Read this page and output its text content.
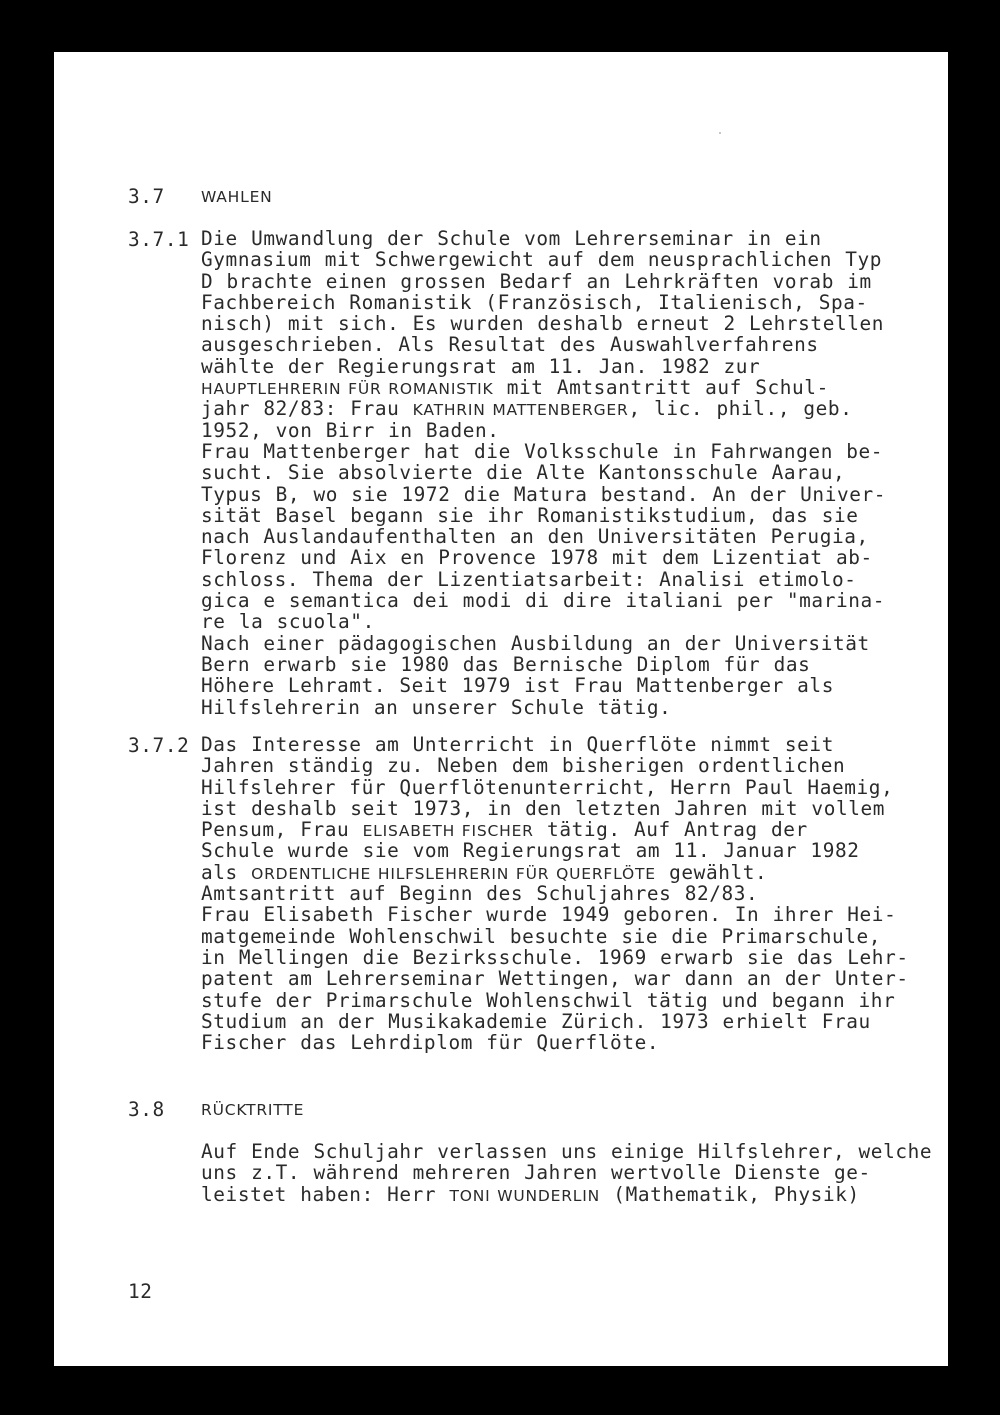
3.7 WAHLEN
3.7.1 Die Umwandlung der Schule vom Lehrerseminar in ein
Gymnasium mit Schwergewicht auf dem neusprachlichen Typ
D brachte einen grossen Bedarf an Lehrkräften vorab im
Fachbereich Romanistik (Französisch, Italienisch, Spa-
nisch) mit sich. Es wurden deshalb erneut 2 Lehrstellen
ausgeschrieben. Als Resultat des Auswahlverfahrens
wählte der Regierungsrat am 11. Jan. 1982 zur
HAUPTLEHRERIN FÜR ROMANISTIK mit Amtsantritt auf Schul-
jahr 82/83: Frau KATHRIN MATTENBERGER, lic. phil., geb.
1952, von Birr in Baden.
Frau Mattenberger hat die Volksschule in Fahrwangen be-
sucht. Sie absolvierte die Alte Kantonsschule Aarau,
Typus B, wo sie 1972 die Matura bestand. An der Univer-
sität Basel begann sie ihr Romanistikstudium, das sie
nach Auslandaufenthalten an den Universitäten Perugia,
Florenz und Aix en Provence 1978 mit dem Lizentiat ab-
schloss. Thema der Lizentiatsarbeit: Analisi etimolo-
gica e semantica dei modi di dire italiani per "marina-
re la scuola".
Nach einer pädagogischen Ausbildung an der Universität
Bern erwarb sie 1980 das Bernische Diplom für das
Höhere Lehramt. Seit 1979 ist Frau Mattenberger als
Hilfslehrerin an unserer Schule tätig.
3.7.2 Das Interesse am Unterricht in Querflöte nimmt seit
Jahren ständig zu. Neben dem bisherigen ordentlichen
Hilfslehrer für Querflötenunterricht, Herrn Paul Haemig,
ist deshalb seit 1973, in den letzten Jahren mit vollem
Pensum, Frau ELISABETH FISCHER tätig. Auf Antrag der
Schule wurde sie vom Regierungsrat am 11. Januar 1982
als ORDENTLICHE HILFSLEHRERIN FÜR QUERFLÖTE gewählt.
Amtsantritt auf Beginn des Schuljahres 82/83.
Frau Elisabeth Fischer wurde 1949 geboren. In ihrer Hei-
matgemeinde Wohlenschwil besuchte sie die Primarschule,
in Mellingen die Bezirksschule. 1969 erwarb sie das Lehr-
patent am Lehrerseminar Wettingen, war dann an der Unter-
stufe der Primarschule Wohlenschwil tätig und begann ihr
Studium an der Musikakademie Zürich. 1973 erhielt Frau
Fischer das Lehrdiplom für Querflöte.
3.8 RÜCKTRITTE
Auf Ende Schuljahr verlassen uns einige Hilfslehrer, welche
uns z.T. während mehreren Jahren wertvolle Dienste ge-
leistet haben: Herr TONI WUNDERLIN (Mathematik, Physik)
12
